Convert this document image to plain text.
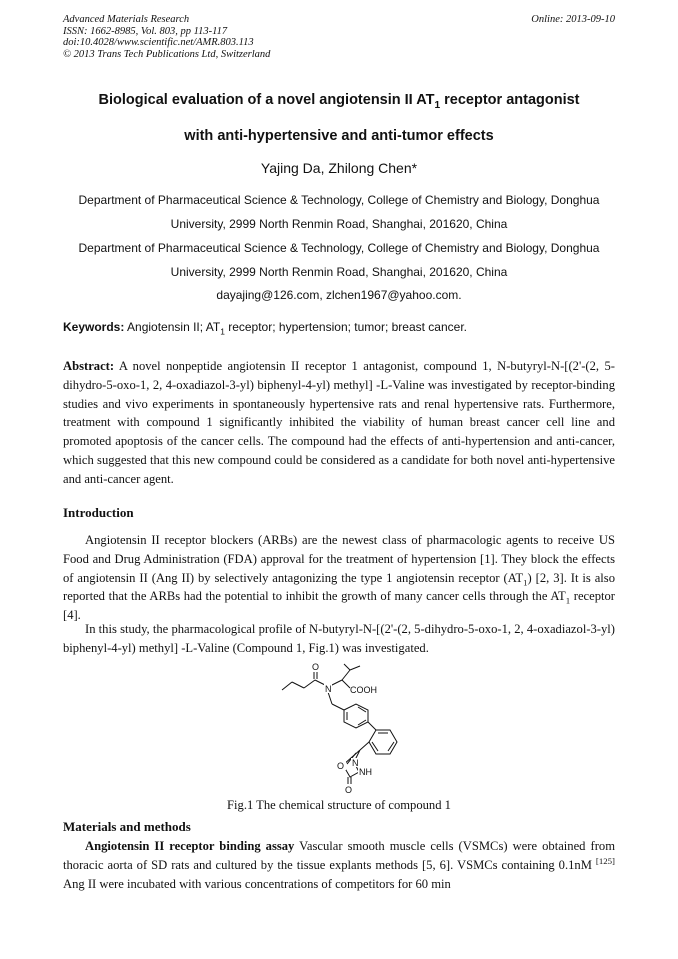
Advanced Materials Research
ISSN: 1662-8985, Vol. 803, pp 113-117
doi:10.4028/www.scientific.net/AMR.803.113
© 2013 Trans Tech Publications Ltd, Switzerland
Online: 2013-09-10
Biological evaluation of a novel angiotensin II $AT_1$ receptor antagonist
with anti-hypertensive and anti-tumor effects
Yajing Da, Zhilong Chen*
Department of Pharmaceutical Science & Technology, College of Chemistry and Biology, Donghua
University, 2999 North Renmin Road, Shanghai, 201620, China
Department of Pharmaceutical Science & Technology, College of Chemistry and Biology, Donghua
University, 2999 North Renmin Road, Shanghai, 201620, China
dayajing@126.com, zlchen1967@yahoo.com.
Keywords: Angiotensin II; $AT_1$ receptor; hypertension; tumor; breast cancer.
Abstract: A novel nonpeptide angiotensin II receptor 1 antagonist, compound 1, N-butyryl-N-[(2'-(2, 5-dihydro-5-oxo-1, 2, 4-oxadiazol-3-yl) biphenyl-4-yl) methyl] -L-Valine was investigated by receptor-binding studies and vivo experiments in spontaneously hypertensive rats and renal hypertensive rats. Furthermore, treatment with compound 1 significantly inhibited the viability of human breast cancer cell line and promoted apoptosis of the cancer cells. The compound had the effects of anti-hypertension and anti-cancer, which suggested that this new compound could be considered as a candidate for both novel anti-hypertensive and anti-cancer agent.
Introduction
Angiotensin II receptor blockers (ARBs) are the newest class of pharmacologic agents to receive US Food and Drug Administration (FDA) approval for the treatment of hypertension [1]. They block the effects of angiotensin II (Ang II) by selectively antagonizing the type 1 angiotensin receptor $(AT_1)$ [2, 3]. It is also reported that the ARBs had the potential to inhibit the growth of many cancer cells through the $AT_1$ receptor [4].
In this study, the pharmacological profile of N-butyryl-N-[(2'-(2, 5-dihydro-5-oxo-1, 2, 4-oxadiazol-3-yl) biphenyl-4-yl) methyl] -L-Valine (Compound 1, Fig.1) was investigated.
O
N COOH
N
O
NH
O
Fig.1 The chemical structure of compound 1
Materials and methods
Angiotensin II receptor binding assay Vascular smooth muscle cells (VSMCs) were obtained from thoracic aorta of SD rats and cultured by the tissue explants methods [5, 6]. VSMCs containing 0.1nM [125] Ang II were incubated with various concentrations of competitors for 60 min
